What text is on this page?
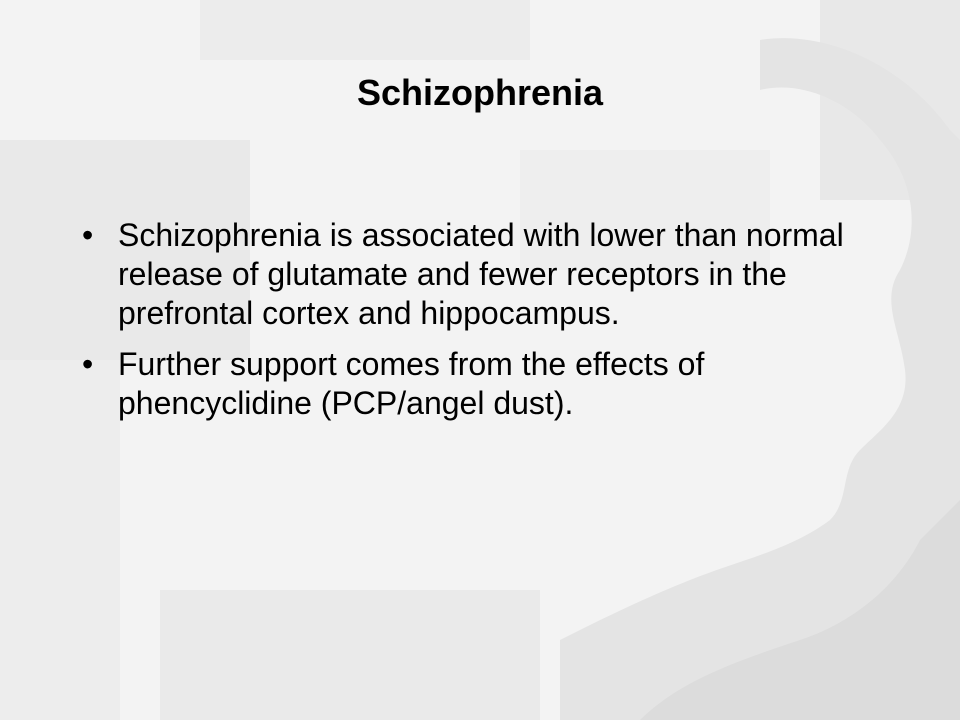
Schizophrenia
• Schizophrenia is associated with lower than normal release of glutamate and fewer receptors in the prefrontal cortex and hippocampus.
• Further support comes from the effects of phencyclidine (PCP/angel dust).
